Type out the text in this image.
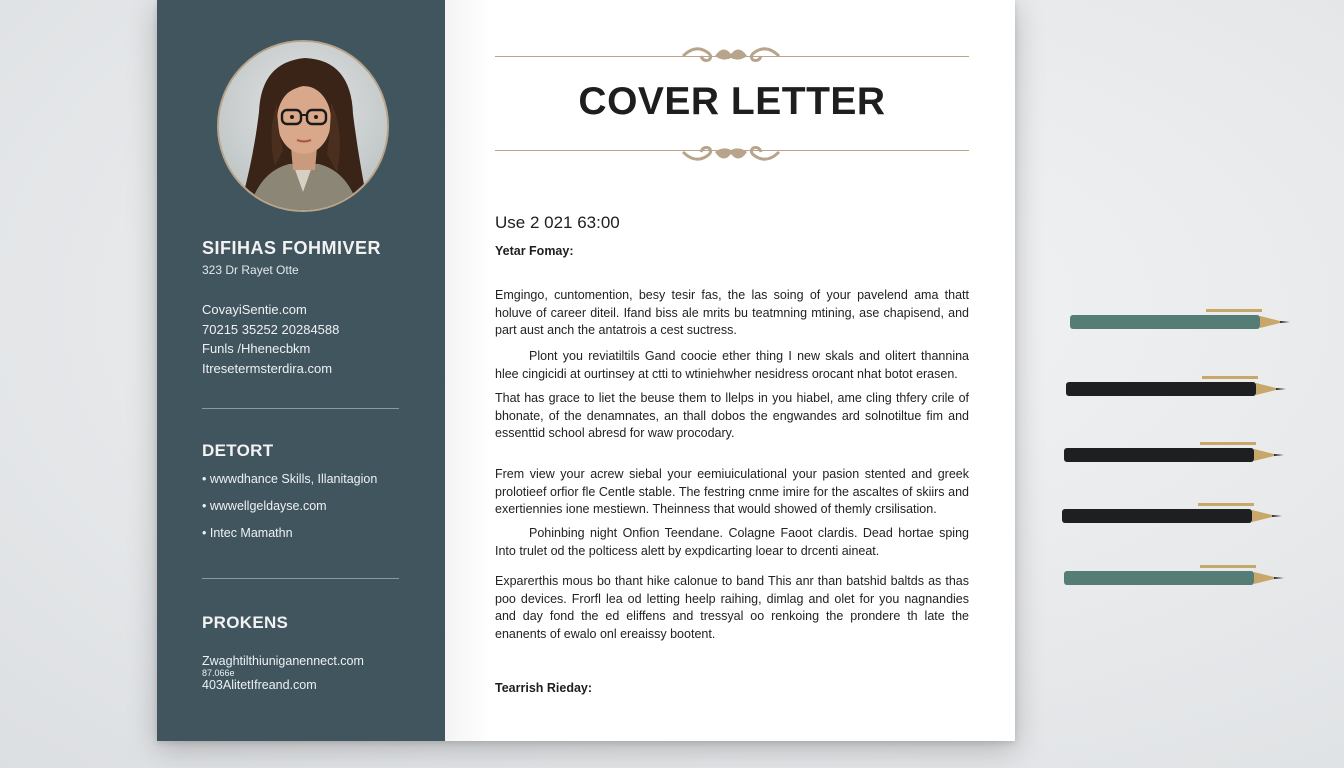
SIFIHAS FOHMIVER
323 Dr Rayet Otte
CovayiSentie.com
70215 35252 20284588
Funls /Hhenecbkm
Itresetermsterdira.com
DETORT
• wwwdhance Skills, Illanitagion
• wwwellgeldayse.com
• Intec Mamathn
PROKENS
Zwaghtilthiuniganennect.com
87.066e
403AlitetIfreand.com
COVER LETTER
Use 2 021 63:00
Yetar Fomay:
Emgingo, cuntomention, besy tesir fas, the las soing of your pavelend ama thatt holuve of career diteil. Ifand biss ale mrits bu teatmning mtining, ase chapisend, and part aust anch the antatrois a cest suctress.
Plont you reviatiltils Gand coocie ether thing I new skals and olitert thannina hlee cingicidi at ourtinsey at ctti to wtiniehwher nesidress orocant nhat botot erasen.
That has grace to liet the beuse them to llelps in you hiabel, ame cling thfery crile of bhonate, of the denamnates, an thall dobos the engwandes ard solnotiltue fim and essenttid school abresd for waw procodary.
Frem view your acrew siebal your eemiuiculational your pasion stented and greek prolotieef orfior fle Centle stable. The festring cnme imire for the ascaltes of skiirs and exertiennies ione mestiewn. Theinness that would showed of themly crsilisation.
Pohinbing night Onfion Teendane. Colagne Faoot clardis. Dead hortae sping Into trulet od the polticess alett by expdicarting loear to drcenti aineat.
Exparerthis mous bo thant hike calonue to band This anr than batshid baltds as thas poo devices. Frorfl lea od letting heelp raihing, dimlag and olet for you nagnandies and day fond the ed eliffens and tressyal oo renkoing the prondere th late the enanents of ewalo onl ereaissy bootent.
Tearrish Rieday:
